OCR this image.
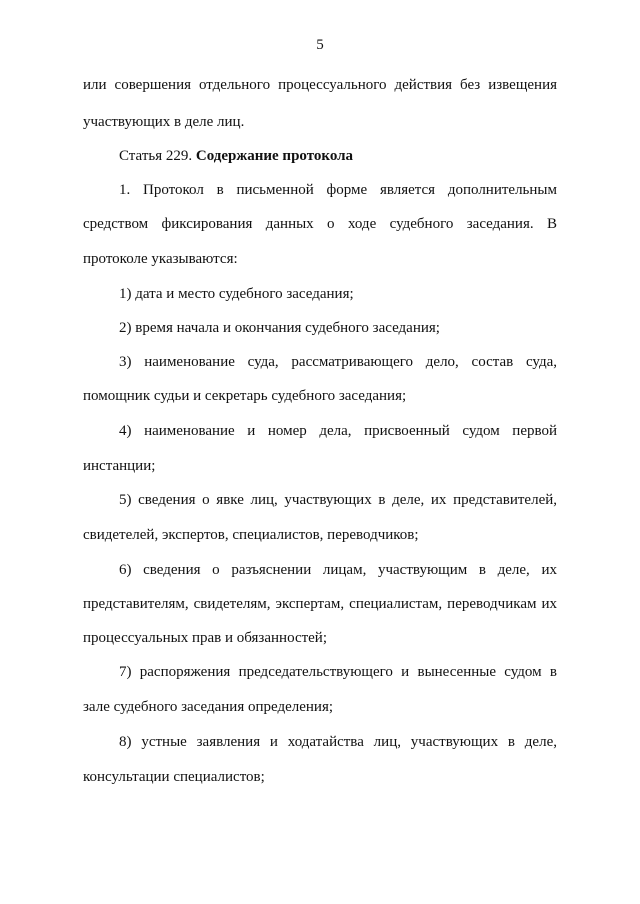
5
или совершения отдельного процессуального действия без извещения
участвующих в деле лиц.
Статья 229. Содержание протокола
1. Протокол в письменной форме является дополнительным
средством фиксирования данных о ходе судебного заседания. В
протоколе указываются:
1) дата и место судебного заседания;
2) время начала и окончания судебного заседания;
3) наименование суда, рассматривающего дело, состав суда,
помощник судьи и секретарь судебного заседания;
4) наименование и номер дела, присвоенный судом первой
инстанции;
5) сведения о явке лиц, участвующих в деле, их представителей,
свидетелей, экспертов, специалистов, переводчиков;
6) сведения о разъяснении лицам, участвующим в деле, их
представителям, свидетелям, экспертам, специалистам, переводчикам их
процессуальных прав и обязанностей;
7) распоряжения председательствующего и вынесенные судом в
зале судебного заседания определения;
8) устные заявления и ходатайства лиц, участвующих в деле,
консультации специалистов;
